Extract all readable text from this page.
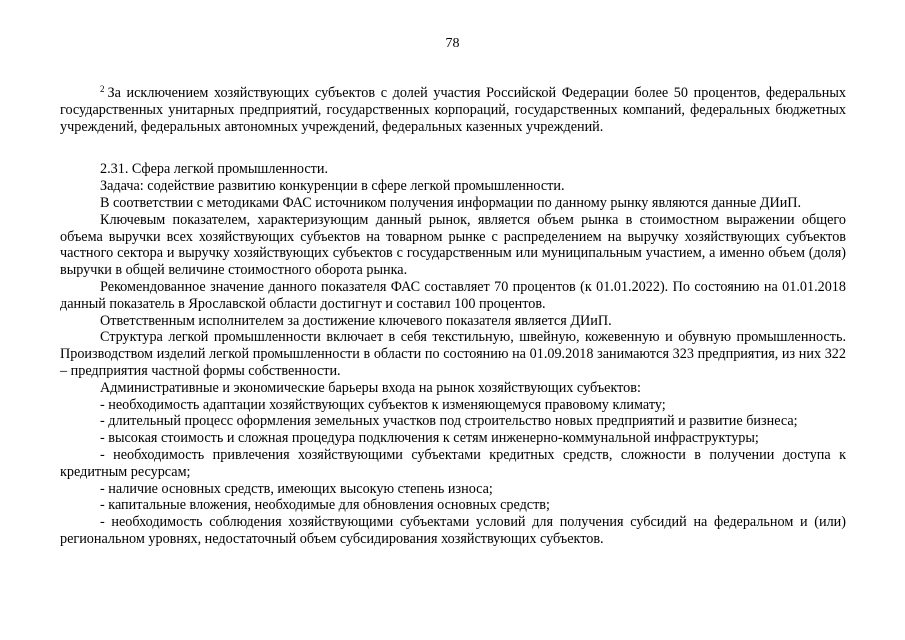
78

$^2$ За исключением хозяйствующих субъектов с долей участия Российской Федерации более 50 процентов, федеральных государственных унитарных предприятий, государственных корпораций, государственных компаний, федеральных бюджетных учреждений, федеральных автономных учреждений, федеральных казенных учреждений.

2.31. Сфера легкой промышленности.

Задача: содействие развитию конкуренции в сфере легкой промышленности.

В соответствии с методиками ФАС источником получения информации по данному рынку являются данные ДИиП.

Ключевым показателем, характеризующим данный рынок, является объем рынка в стоимостном выражении общего объема выручки всех хозяйствующих субъектов на товарном рынке с распределением на выручку хозяйствующих субъектов частного сектора и выручку хозяйствующих субъектов с государственным или муниципальным участием, а именно объем (доля) выручки в общей величине стоимостного оборота рынка.

Рекомендованное значение данного показателя ФАС составляет 70 процентов (к 01.01.2022). По состоянию на 01.01.2018 данный показатель в Ярославской области достигнут и составил 100 процентов.

Ответственным исполнителем за достижение ключевого показателя является ДИиП.

Структура легкой промышленности включает в себя текстильную, швейную, кожевенную и обувную промышленность. Производством изделий легкой промышленности в области по состоянию на 01.09.2018 занимаются 323 предприятия, из них 322 – предприятия частной формы собственности.

Административные и экономические барьеры входа на рынок хозяйствующих субъектов:

- необходимость адаптации хозяйствующих субъектов к изменяющемуся правовому климату;

- длительный процесс оформления земельных участков под строительство новых предприятий и развитие бизнеса;

- высокая стоимость и сложная процедура подключения к сетям инженерно-коммунальной инфраструктуры;

- необходимость привлечения хозяйствующими субъектами кредитных средств, сложности в получении доступа к кредитным ресурсам;

- наличие основных средств, имеющих высокую степень износа;

- капитальные вложения, необходимые для обновления основных средств;

- необходимость соблюдения хозяйствующими субъектами условий для получения субсидий на федеральном и (или) региональном уровнях, недостаточный объем субсидирования хозяйствующих субъектов.
